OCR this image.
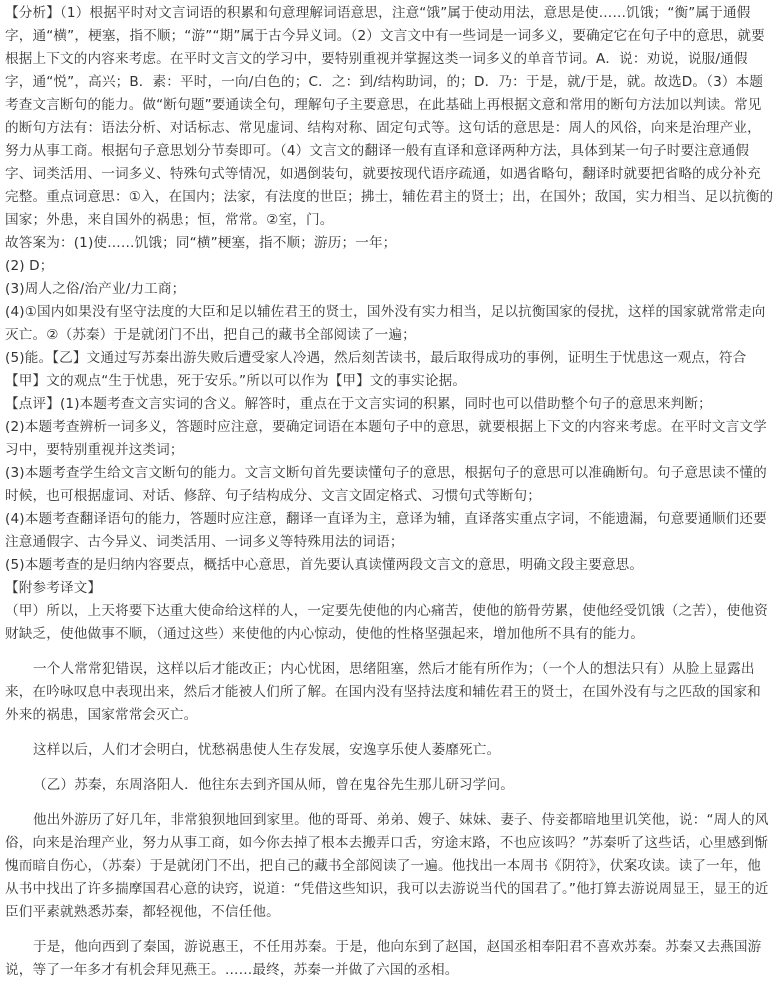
【分析】（1）根据平时对文言词语的积累和句意理解词语意思，注意“饿”属于使动用法，意思是使……饥饿；“衡”属于通假字，通“横”，梗塞，指不顺；“游”“期”属于古今异义词。（2）文言文中有一些词是一词多义，要确定它在句子中的意思，就要根据上下文的内容来考虑。在平时文言文的学习中，要特别重视并掌握这类一词多义的单音节词。A．说：劝说，说服/通假字，通“悦”，高兴；B．素：平时，一向/白色的；C．之：到/结构助词，的；D．乃：于是，就/于是，就。故选D。（3）本题考查文言断句的能力。做“断句题”要通读全句，理解句子主要意思，在此基础上再根据文意和常用的断句方法加以判读。常见的断句方法有：语法分析、对话标志、常见虚词、结构对称、固定句式等。这句话的意思是：周人的风俗，向来是治理产业，努力从事工商。根据句子意思划分节奏即可。（4）文言文的翻译一般有直译和意译两种方法，具体到某一句子时要注意通假字、词类活用、一词多义、特殊句式等情况，如遇倒装句，就要按现代语序疏通，如遇省略句，翻译时就要把省略的成分补充完整。重点词意思：①入，在国内；法家，有法度的世臣；拂士，辅佐君主的贤士；出，在国外；敌国，实力相当、足以抗衡的国家；外患，来自国外的祸患；恒，常常。②室，门。

故答案为：(1)使……饥饿；同“横”梗塞，指不顺；游历；一年；

(2) D；

(3)周人之俗/治产业/力工商；

(4)①国内如果没有坚守法度的大臣和足以辅佐君王的贤士，国外没有实力相当，足以抗衡国家的侵扰，这样的国家就常常走向灭亡。②（苏秦）于是就闭门不出，把自己的藏书全部阅读了一遍；

(5)能。【乙】文通过写苏秦出游失败后遭受家人冷遇，然后刻苦读书，最后取得成功的事例，证明生于忧患这一观点，符合【甲】文的观点“生于忧患，死于安乐。”所以可以作为【甲】文的事实论据。

【点评】(1)本题考查文言实词的含义。解答时，重点在于文言实词的积累，同时也可以借助整个句子的意思来判断；

(2)本题考查辨析一词多义，答题时应注意，要确定词语在本题句子中的意思，就要根据上下文的内容来考虑。在平时文言文学习中，要特别重视并这类词；

(3)本题考查学生给文言文断句的能力。文言文断句首先要读懂句子的意思，根据句子的意思可以准确断句。句子意思读不懂的时候，也可根据虚词、对话、修辞、句子结构成分、文言文固定格式、习惯句式等断句；

(4)本题考查翻译语句的能力，答题时应注意，翻译一直译为主，意译为辅，直译落实重点字词，不能遗漏，句意要通顺们还要注意通假字、古今异义、词类活用、一词多义等特殊用法的词语；

(5)本题考查的是归纳内容要点，概括中心意思，首先要认真读懂两段文言文的意思，明确文段主要意思。

【附参考译文】

（甲）所以，上天将要下达重大使命给这样的人，一定要先使他的内心痛苦，使他的筋骨劳累，使他经受饥饿（之苦），使他资财缺乏，使他做事不顺，（通过这些）来使他的内心惊动，使他的性格坚强起来，增加他所不具有的能力。

一个人常常犯错误，这样以后才能改正；内心忧困，思绪阻塞，然后才能有所作为；（一个人的想法只有）从脸上显露出来，在吟咏叹息中表现出来，然后才能被人们所了解。在国内没有坚持法度和辅佐君王的贤士，在国外没有与之匹敌的国家和外来的祸患，国家常常会灭亡。

这样以后，人们才会明白，忧愁祸患使人生存发展，安逸享乐使人萎靡死亡。

（乙）苏秦，东周洛阳人．他往东去到齐国从师，曾在鬼谷先生那儿研习学问。

他出外游历了好几年，非常狼狈地回到家里。他的哥哥、弟弟、嫂子、妹妹、妻子、侍妾都暗地里讥笑他，说：“周人的风俗，向来是治理产业，努力从事工商，如今你去掉了根本去搬弄口舌，穷途末路，不也应该吗？”苏秦听了这些话，心里感到惭愧而暗自伤心，（苏秦）于是就闭门不出，把自己的藏书全部阅读了一遍。他找出一本周书《阴符》，伏案攻读。读了一年，他从书中找出了许多揣摩国君心意的诀窍，说道：“凭借这些知识，我可以去游说当代的国君了。”他打算去游说周显王，显王的近臣们平素就熟悉苏秦，都轻视他，不信任他。

于是，他向西到了秦国，游说惠王，不任用苏秦。于是，他向东到了赵国，赵国丞相奉阳君不喜欢苏秦。苏秦又去燕国游说，等了一年多才有机会拜见燕王。……最终，苏秦一并做了六国的丞相。
